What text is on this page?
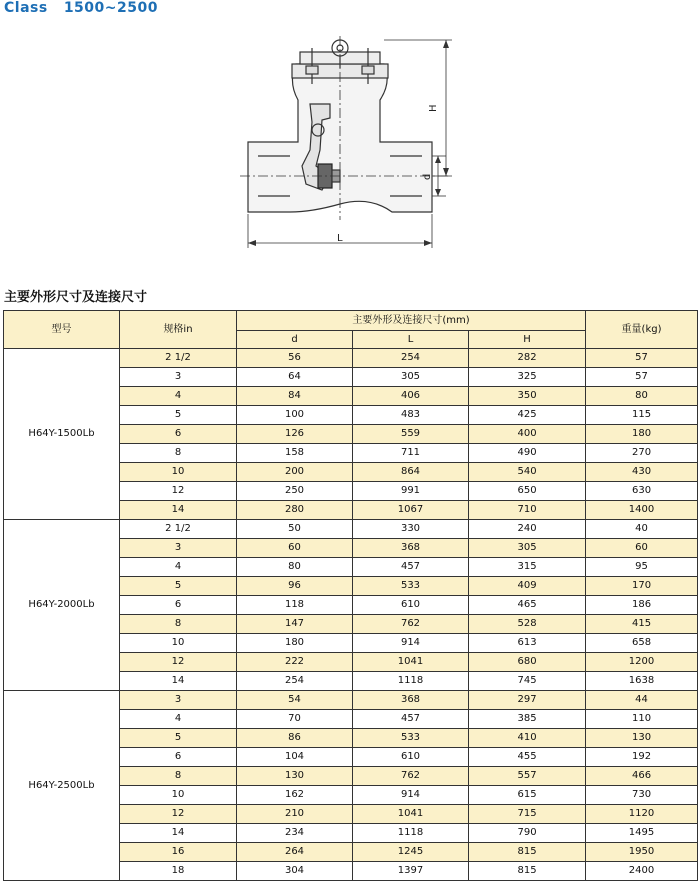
Class 1500~2500
H
d
L
主要外形尺寸及连接尺寸
型号	规格in	主要外形及连接尺寸(mm)			重量(kg)
		d	L	H	
H64Y-1500Lb	2 1/2	56	254	282	57
	3	64	305	325	57
	4	84	406	350	80
	5	100	483	425	115
	6	126	559	400	180
	8	158	711	490	270
	10	200	864	540	430
	12	250	991	650	630
	14	280	1067	710	1400
H64Y-2000Lb	2 1/2	50	330	240	40
	3	60	368	305	60
	4	80	457	315	95
	5	96	533	409	170
	6	118	610	465	186
	8	147	762	528	415
	10	180	914	613	658
	12	222	1041	680	1200
	14	254	1118	745	1638
H64Y-2500Lb	3	54	368	297	44
	4	70	457	385	110
	5	86	533	410	130
	6	104	610	455	192
	8	130	762	557	466
	10	162	914	615	730
	12	210	1041	715	1120
	14	234	1118	790	1495
	16	264	1245	815	1950
	18	304	1397	815	2400
